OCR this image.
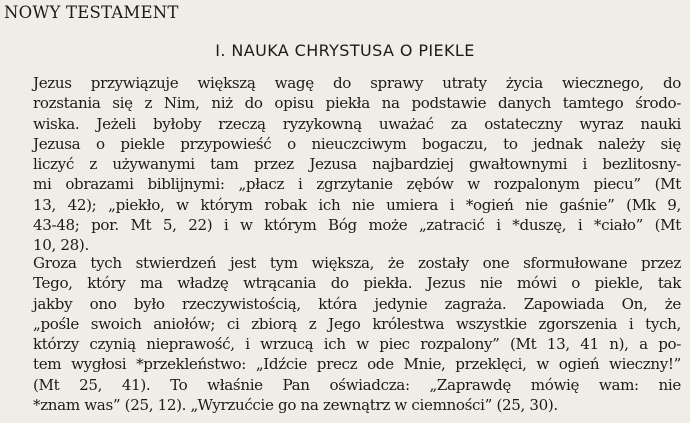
NOWY TESTAMENT
I. NAUKA CHRYSTUSA O PIEKLE
Jezus przywiązuje większą wagę do sprawy utraty życia wiecznego, do
rozstania się z Nim, niż do opisu piekła na podstawie danych tamtego środo-
wiska. Jeżeli byłoby rzeczą ryzykowną uważać za ostateczny wyraz nauki
Jezusa o piekle przypowieść o nieuczciwym bogaczu, to jednak należy się
liczyć z używanymi tam przez Jezusa najbardziej gwałtownymi i bezlitosny-
mi obrazami biblijnymi: „płacz i zgrzytanie zębów w rozpalonym piecu” (Mt
13, 42); „piekło, w którym robak ich nie umiera i *ogień nie gaśnie” (Mk 9,
43-48; por. Mt 5, 22) i w którym Bóg może „zatracić i *duszę, i *ciało” (Mt
10, 28).
Groza tych stwierdzeń jest tym większa, że zostały one sformułowane przez
Tego, który ma władzę wtrącania do piekła. Jezus nie mówi o piekle, tak
jakby ono było rzeczywistością, która jedynie zagraża. Zapowiada On, że
„pośle swoich aniołów; ci zbiorą z Jego królestwa wszystkie zgorszenia i tych,
którzy czynią nieprawość, i wrzucą ich w piec rozpalony” (Mt 13, 41 n), a po-
tem wygłosi *przekleństwo: „Idźcie precz ode Mnie, przeklęci, w ogień wieczny!”
(Mt 25, 41). To właśnie Pan oświadcza: „Zaprawdę mówię wam: nie
*znam was” (25, 12). „Wyrzućcie go na zewnątrz w ciemności” (25, 30).
